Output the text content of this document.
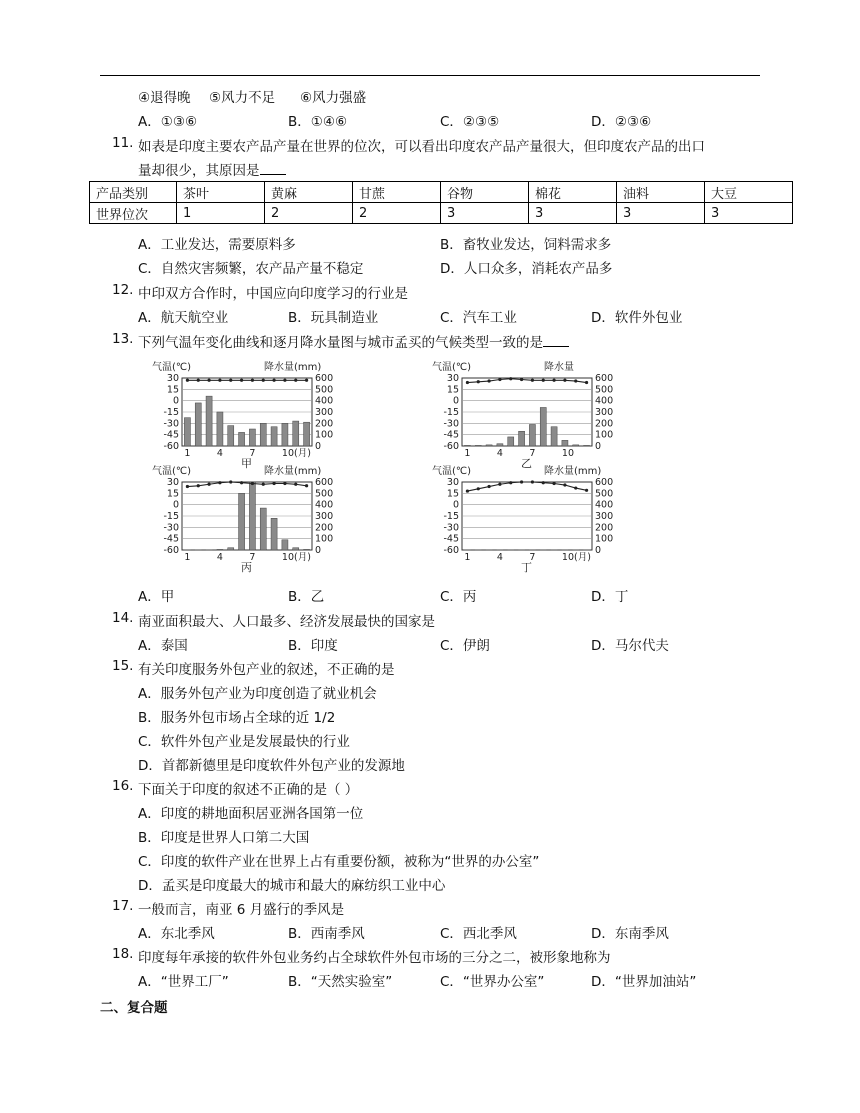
④退得晚 ⑤风力不足 ⑥风力强盛
A．①③⑥	B．①④⑥	C．②③⑤	D．②③⑥
11. 如表是印度主要农产品产量在世界的位次，可以看出印度农产品产量很大，但印度农产品的出口
量却很少，其原因是
产品类别	茶叶	黄麻	甘蔗	谷物	棉花	油料	大豆
世界位次	1	2	2	3	3	3	3
A．工业发达，需要原料多	B．畜牧业发达，饲料需求多
C．自然灾害频繁，农产品产量不稳定	D．人口众多，消耗农产品多
12. 中印双方合作时，中国应向印度学习的行业是
A．航天航空业	B．玩具制造业	C．汽车工业	D．软件外包业
13. 下列气温年变化曲线和逐月降水量图与城市孟买的气候类型一致的是
气温(℃)	降水量(mm)
30	600
15	500
0	400
-15	300
-30	200
-45	100
-60	0
1	4	7	10(月)
甲
气温(℃)	降水量
30	600
15	500
0	400
-15	300
-30	200
-45	100
-60	0
1	4	7	10
乙
气温(℃)	降水量(mm)
30	600
15	500
0	400
-15	300
-30	200
-45	100
-60	0
1	4	7	10(月)
丙
气温(℃)	降水量(mm)
30	600
15	500
0	400
-15	300
-30	200
-45	100
-60	0
1	4	7	10(月)
丁
A．甲	B．乙	C．丙	D．丁
14. 南亚面积最大、人口最多、经济发展最快的国家是
A．泰国	B．印度	C．伊朗	D．马尔代夫
15. 有关印度服务外包产业的叙述，不正确的是
A．服务外包产业为印度创造了就业机会
B．服务外包市场占全球的近 1/2
C．软件外包产业是发展最快的行业
D．首都新德里是印度软件外包产业的发源地
16. 下面关于印度的叙述不正确的是（ ）
A．印度的耕地面积居亚洲各国第一位
B．印度是世界人口第二大国
C．印度的软件产业在世界上占有重要份额，被称为“世界的办公室”
D．孟买是印度最大的城市和最大的麻纺织工业中心
17. 一般而言，南亚 6 月盛行的季风是
A．东北季风	B．西南季风	C．西北季风	D．东南季风
18. 印度每年承接的软件外包业务约占全球软件外包市场的三分之二，被形象地称为
A．“世界工厂”	B．“天然实验室”	C．“世界办公室”	D．“世界加油站”
二、复合题
